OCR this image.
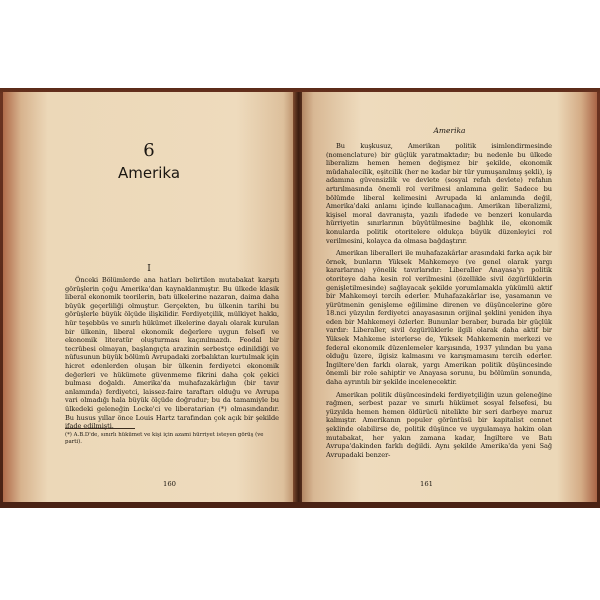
6
Amerika
I

Önceki Bölümlerde ana hatları belirtilen mutabakat karşıtı görüşlerin çoğu Amerika'dan kaynaklanmıştır. Bu ülkede klasik liberal ekonomik teorilerin, batı ülkelerine nazaran, daima daha büyük geçerliliği olmuştur. Gerçekten, bu ülkenin tarihi bu görüşlerle büyük ölçüde ilişkilidir. Ferdiyetçilik, mülkiyet hakkı, hür teşebbüs ve sınırlı hükümet ilkelerine dayalı olarak kurulan bir ülkenin, liberal ekonomik değerlere uygun felsefi ve ekonomik literatür oluşturması kaçınılmazdı. Feodal bir tecrübesi olmayan, başlangıçta arazinin serbestçe edinildiği ve nüfusunun büyük bölümü Avrupadaki zorbalıktan kurtulmak için hicret edenlerden oluşan bir ülkenin ferdiyetci ekonomik değerleri ve hükümete güvenmeme fikrini daha çok çekici bulması doğaldı. Amerika'da muhafazakârlığın (bir tavır anlamında) ferdiyetci, laissez-faire taraftarı olduğu ve Avrupa vari olmadığı hala büyük ölçüde doğrudur; bu da tamamiyle bu ülkedeki geleneğin Locke'ci ve liberatarian (*) olmasındandır. Bu husus yıllar önce Louis Hartz tarafından çok açık bir şekilde ifade edilmişti.

(*) A.B.D'de, sınırlı hükümet ve kişi için azami hürriyet isteyen görüş (ve parti).
160
Amerika

Bu kuşkusuz, Amerikan politik isimlendirmesinde (nomenclature) bir güçlük yaratmaktadır; bu nedenle bu ülkede liberalizm hemen hemen değişmez bir şekilde, ekonomik müdahalecilik, eşitcilik (her ne kadar bir tür yumuşanılmış şekli), iş adamına güvensizlik ve devlete (sosyal refah devlete) refahın artırılmasında önemli rol verilmesi anlamına gelir. Sadece bu bölümde liberal kelimesini Avrupada ki anlamında değil, Amerika'daki anlamı içinde kullanacağım. Amerikan liberalizmi, kişisel moral davranışta, yazılı ifadede ve benzeri konularda hürriyetin sınırlarının büyütülmesine bağlılık ile, ekonomik konularda politik otoritelere oldukça büyük düzenleyici rol verilmesini, kolayca da olmasa bağdaştırır.

Amerikan liberalleri ile muhafazakârlar arasındaki farka açık bir örnek, bunların Yüksek Mahkemeye (ve genel olarak yargı kararlarına) yönelik tavırlarıdır: Liberaller Anayasa'yı politik otoriteye daha kesin rol verilmesini (özellikle sivil özgürlüklerin genişletilmesinde) sağlayacak şekilde yorumlamakla yükümlü aktif bir Mahkemeyi tercih ederler. Muhafazakârlar ise, yasamanın ve yürütmenin genişleme eğilimine direnen ve düşüncelerine göre 18.nci yüzyılın ferdiyetci anayasasının orijinal şeklini yeniden ihya eden bir Mahkemeyi özlerler. Bununlar beraber, burada bir güçlük vardır: Liberaller, sivil özgürlüklerle ilgili olarak daha aktif bir Yüksek Mahkeme isterlerse de, Yüksek Mahkemenin merkezi ve federal ekonomik düzenlemeler karşısında, 1937 yılından bu yana olduğu üzere, ilgisiz kalmasını ve karışmamasını tercih ederler. İngiltere'den farklı olarak, yargı Amerikan politik düşüncesinde önemli bir role sahiptir ve Anayasa sorunu, bu bölümün sonunda, daha ayrıntılı bir şekilde incelenecektir.

Amerikan politik düşüncesindeki ferdiyetçiliğin uzun geleneğine rağmen, serbest pazar ve sınırlı hükümet sosyal felsefesi, bu yüzyılda hemen hemen öldürücü nitelikte bir seri darbeye maruz kalmıştır. Amerikanın populer görüntüsü bir kapitalist cennet şeklinde olabilirse de, politik düşünce ve uygulamaya hakim olan mutabakat, her yakın zamana kadar, İngiltere ve Batı Avrupa'dakinden farklı değildi. Aynı şekilde Amerika'da yeni Sağ Avrupadaki benzer-

161
